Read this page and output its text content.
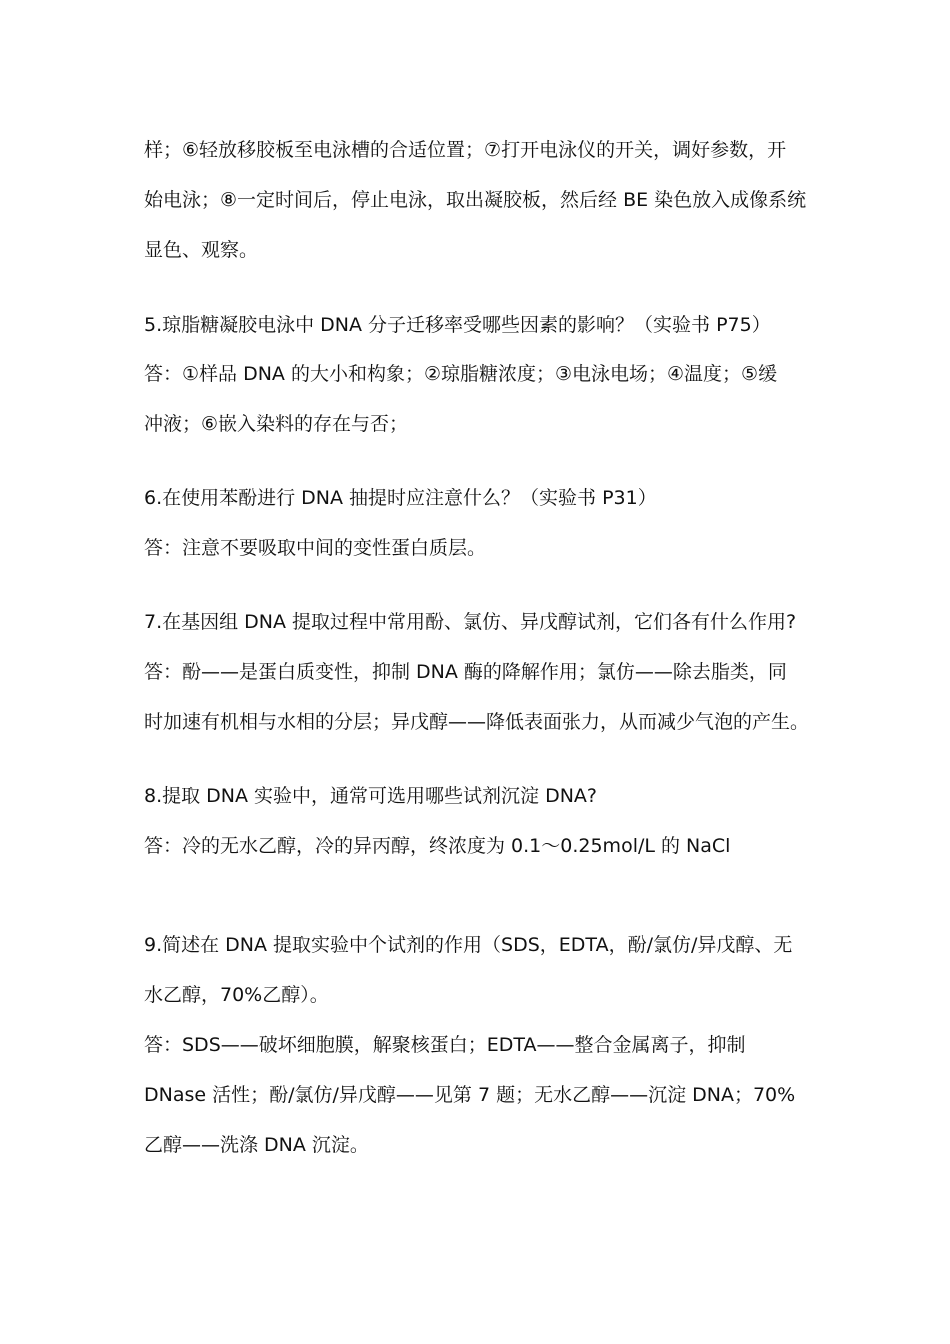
样；⑥轻放移胶板至电泳槽的合适位置；⑦打开电泳仪的开关，调好参数，开
始电泳；⑧一定时间后，停止电泳，取出凝胶板，然后经 BE 染色放入成像系统
显色、观察。
5.琼脂糖凝胶电泳中 DNA 分子迁移率受哪些因素的影响？（实验书 P75）
答：①样品 DNA 的大小和构象；②琼脂糖浓度；③电泳电场；④温度；⑤缓
冲液；⑥嵌入染料的存在与否；
6.在使用苯酚进行 DNA 抽提时应注意什么？（实验书 P31）
答：注意不要吸取中间的变性蛋白质层。
7.在基因组 DNA 提取过程中常用酚、氯仿、异戊醇试剂，它们各有什么作用?
答：酚——是蛋白质变性，抑制 DNA 酶的降解作用；氯仿——除去脂类，同
时加速有机相与水相的分层；异戊醇——降低表面张力，从而减少气泡的产生。
8.提取 DNA 实验中，通常可选用哪些试剂沉淀 DNA?
答：冷的无水乙醇，冷的异丙醇，终浓度为 0.1～0.25mol/L 的 NaCl
9.简述在 DNA 提取实验中个试剂的作用（SDS，EDTA，酚/氯仿/异戊醇、无
水乙醇，70%乙醇）。
答：SDS——破坏细胞膜，解聚核蛋白；EDTA——整合金属离子，抑制
DNase 活性；酚/氯仿/异戊醇——见第 7 题；无水乙醇——沉淀 DNA；70%
乙醇——洗涤 DNA 沉淀。
